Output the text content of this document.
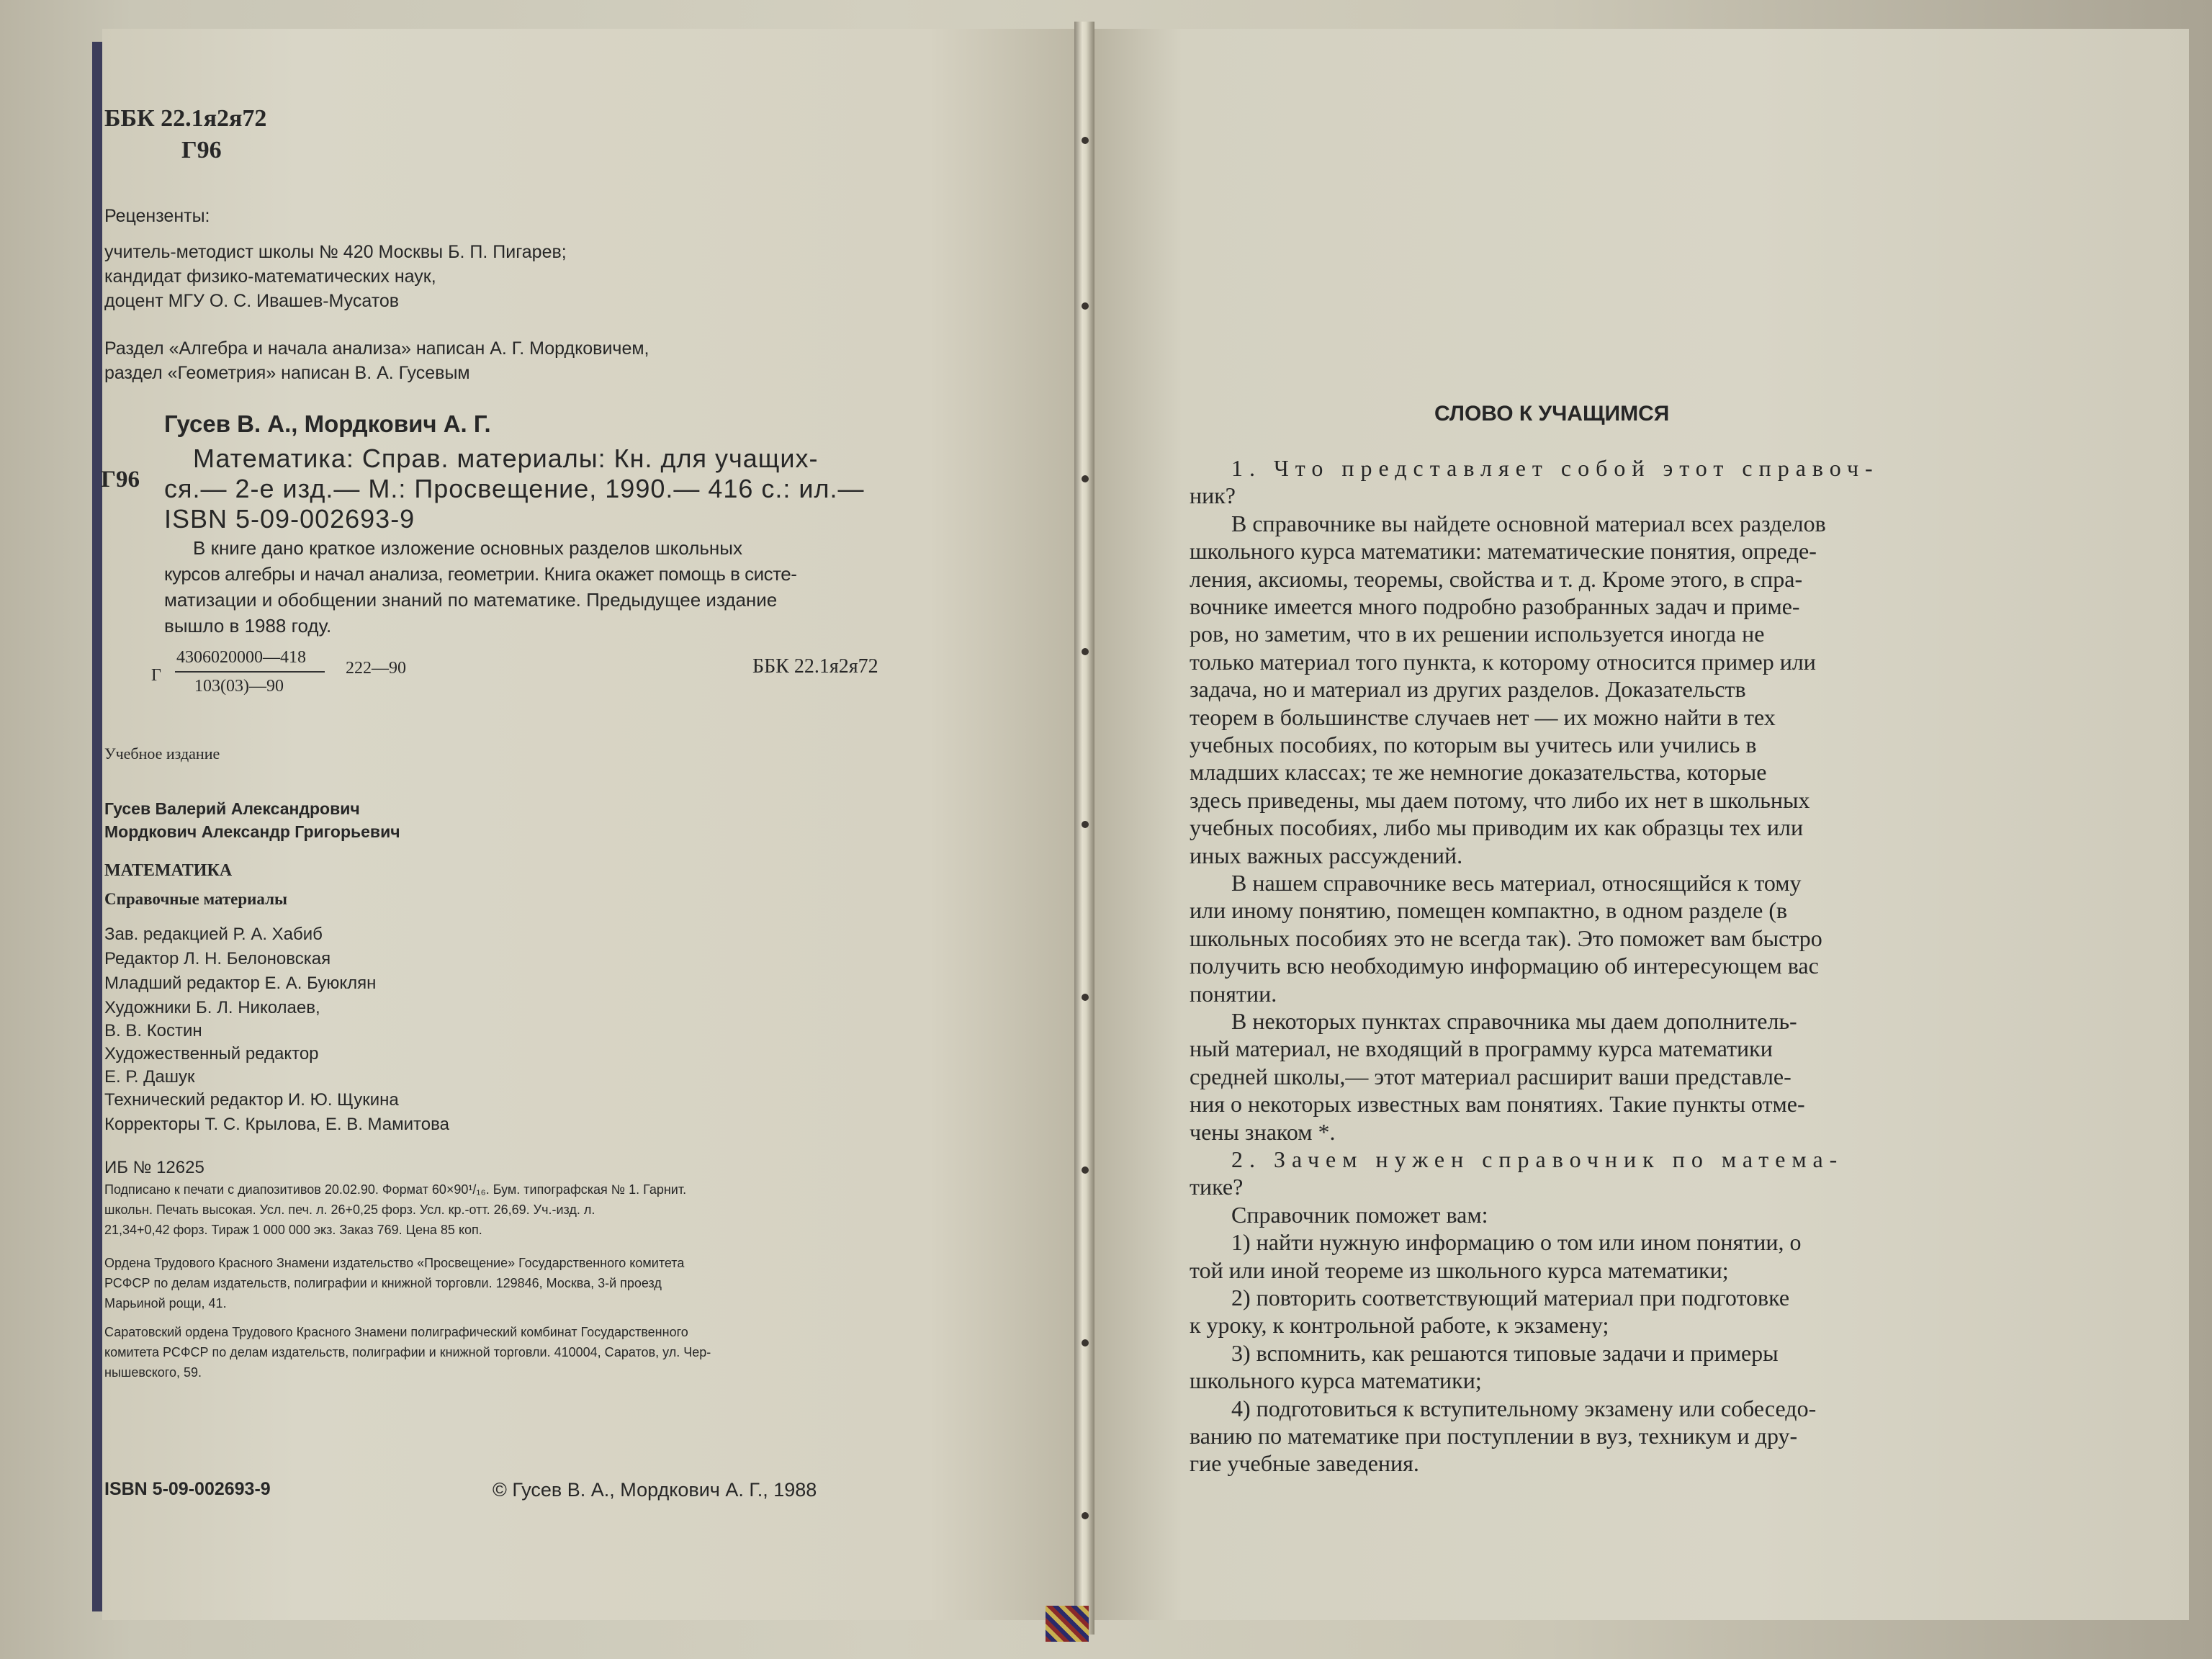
ББК 22.1я2я72
Г96
Рецензенты:
учитель-методист школы № 420 Москвы Б. П. Пигарев;
кандидат физико-математических наук,
доцент МГУ О. С. Ивашев-Мусатов
Раздел «Алгебра и начала анализа» написан А. Г. Мордковичем,
раздел «Геометрия» написан В. А. Гусевым
Гусев В. А., Мордкович А. Г.
Г96
Математика: Справ. материалы: Кн. для учащих-
ся.— 2-е изд.— М.: Просвещение, 1990.— 416 с.: ил.—
ISBN 5-09-002693-9
В книге дано краткое изложение основных разделов школьных
курсов алгебры и начал анализа, геометрии. Книга окажет помощь в систе-
матизации и обобщении знаний по математике. Предыдущее издание
вышло в 1988 году.
Г
4306020000—418
103(03)—90
222—90	ББК 22.1я2я72
Учебное издание
Гусев Валерий Александрович
Мордкович Александр Григорьевич
МАТЕМАТИКА
Справочные материалы
Зав. редакцией Р. А. Хабиб
Редактор Л. Н. Белоновская
Младший редактор Е. А. Буюклян
Художники Б. Л. Николаев,
В. В. Костин
Художественный редактор
Е. Р. Дашук
Технический редактор И. Ю. Щукина
Корректоры Т. С. Крылова, Е. В. Мамитова
ИБ № 12625
Подписано к печати с диапозитивов 20.02.90. Формат 60×90¹/₁₆. Бум. типографская № 1. Гарнит.
школьн. Печать высокая. Усл. печ. л. 26+0,25 форз. Усл. кр.-отт. 26,69. Уч.-изд. л.
21,34+0,42 форз. Тираж 1 000 000 экз. Заказ 769. Цена 85 коп.
Ордена Трудового Красного Знамени издательство «Просвещение» Государственного комитета
РСФСР по делам издательств, полиграфии и книжной торговли. 129846, Москва, 3-й проезд
Марьиной рощи, 41.
Саратовский ордена Трудового Красного Знамени полиграфический комбинат Государственного
комитета РСФСР по делам издательств, полиграфии и книжной торговли. 410004, Саратов, ул. Чер-
нышевского, 59.
ISBN 5-09-002693-9	© Гусев В. А., Мордкович А. Г., 1988
СЛОВО К УЧАЩИМСЯ
1. Что представляет собой этот справоч-
ник?
В справочнике вы найдете основной материал всех разделов
школьного курса математики: математические понятия, опреде-
ления, аксиомы, теоремы, свойства и т. д. Кроме этого, в спра-
вочнике имеется много подробно разобранных задач и приме-
ров, но заметим, что в их решении используется иногда не
только материал того пункта, к которому относится пример или
задача, но и материал из других разделов. Доказательств
теорем в большинстве случаев нет — их можно найти в тех
учебных пособиях, по которым вы учитесь или учились в
младших классах; те же немногие доказательства, которые
здесь приведены, мы даем потому, что либо их нет в школьных
учебных пособиях, либо мы приводим их как образцы тех или
иных важных рассуждений.
В нашем справочнике весь материал, относящийся к тому
или иному понятию, помещен компактно, в одном разделе (в
школьных пособиях это не всегда так). Это поможет вам быстро
получить всю необходимую информацию об интересующем вас
понятии.
В некоторых пунктах справочника мы даем дополнитель-
ный материал, не входящий в программу курса математики
средней школы,— этот материал расширит ваши представле-
ния о некоторых известных вам понятиях. Такие пункты отме-
чены знаком *.
2. Зачем нужен справочник по матема-
тике?
Справочник поможет вам:
1) найти нужную информацию о том или ином понятии, о
той или иной теореме из школьного курса математики;
2) повторить соответствующий материал при подготовке
к уроку, к контрольной работе, к экзамену;
3) вспомнить, как решаются типовые задачи и примеры
школьного курса математики;
4) подготовиться к вступительному экзамену или собеседо-
ванию по математике при поступлении в вуз, техникум и дру-
гие учебные заведения.
